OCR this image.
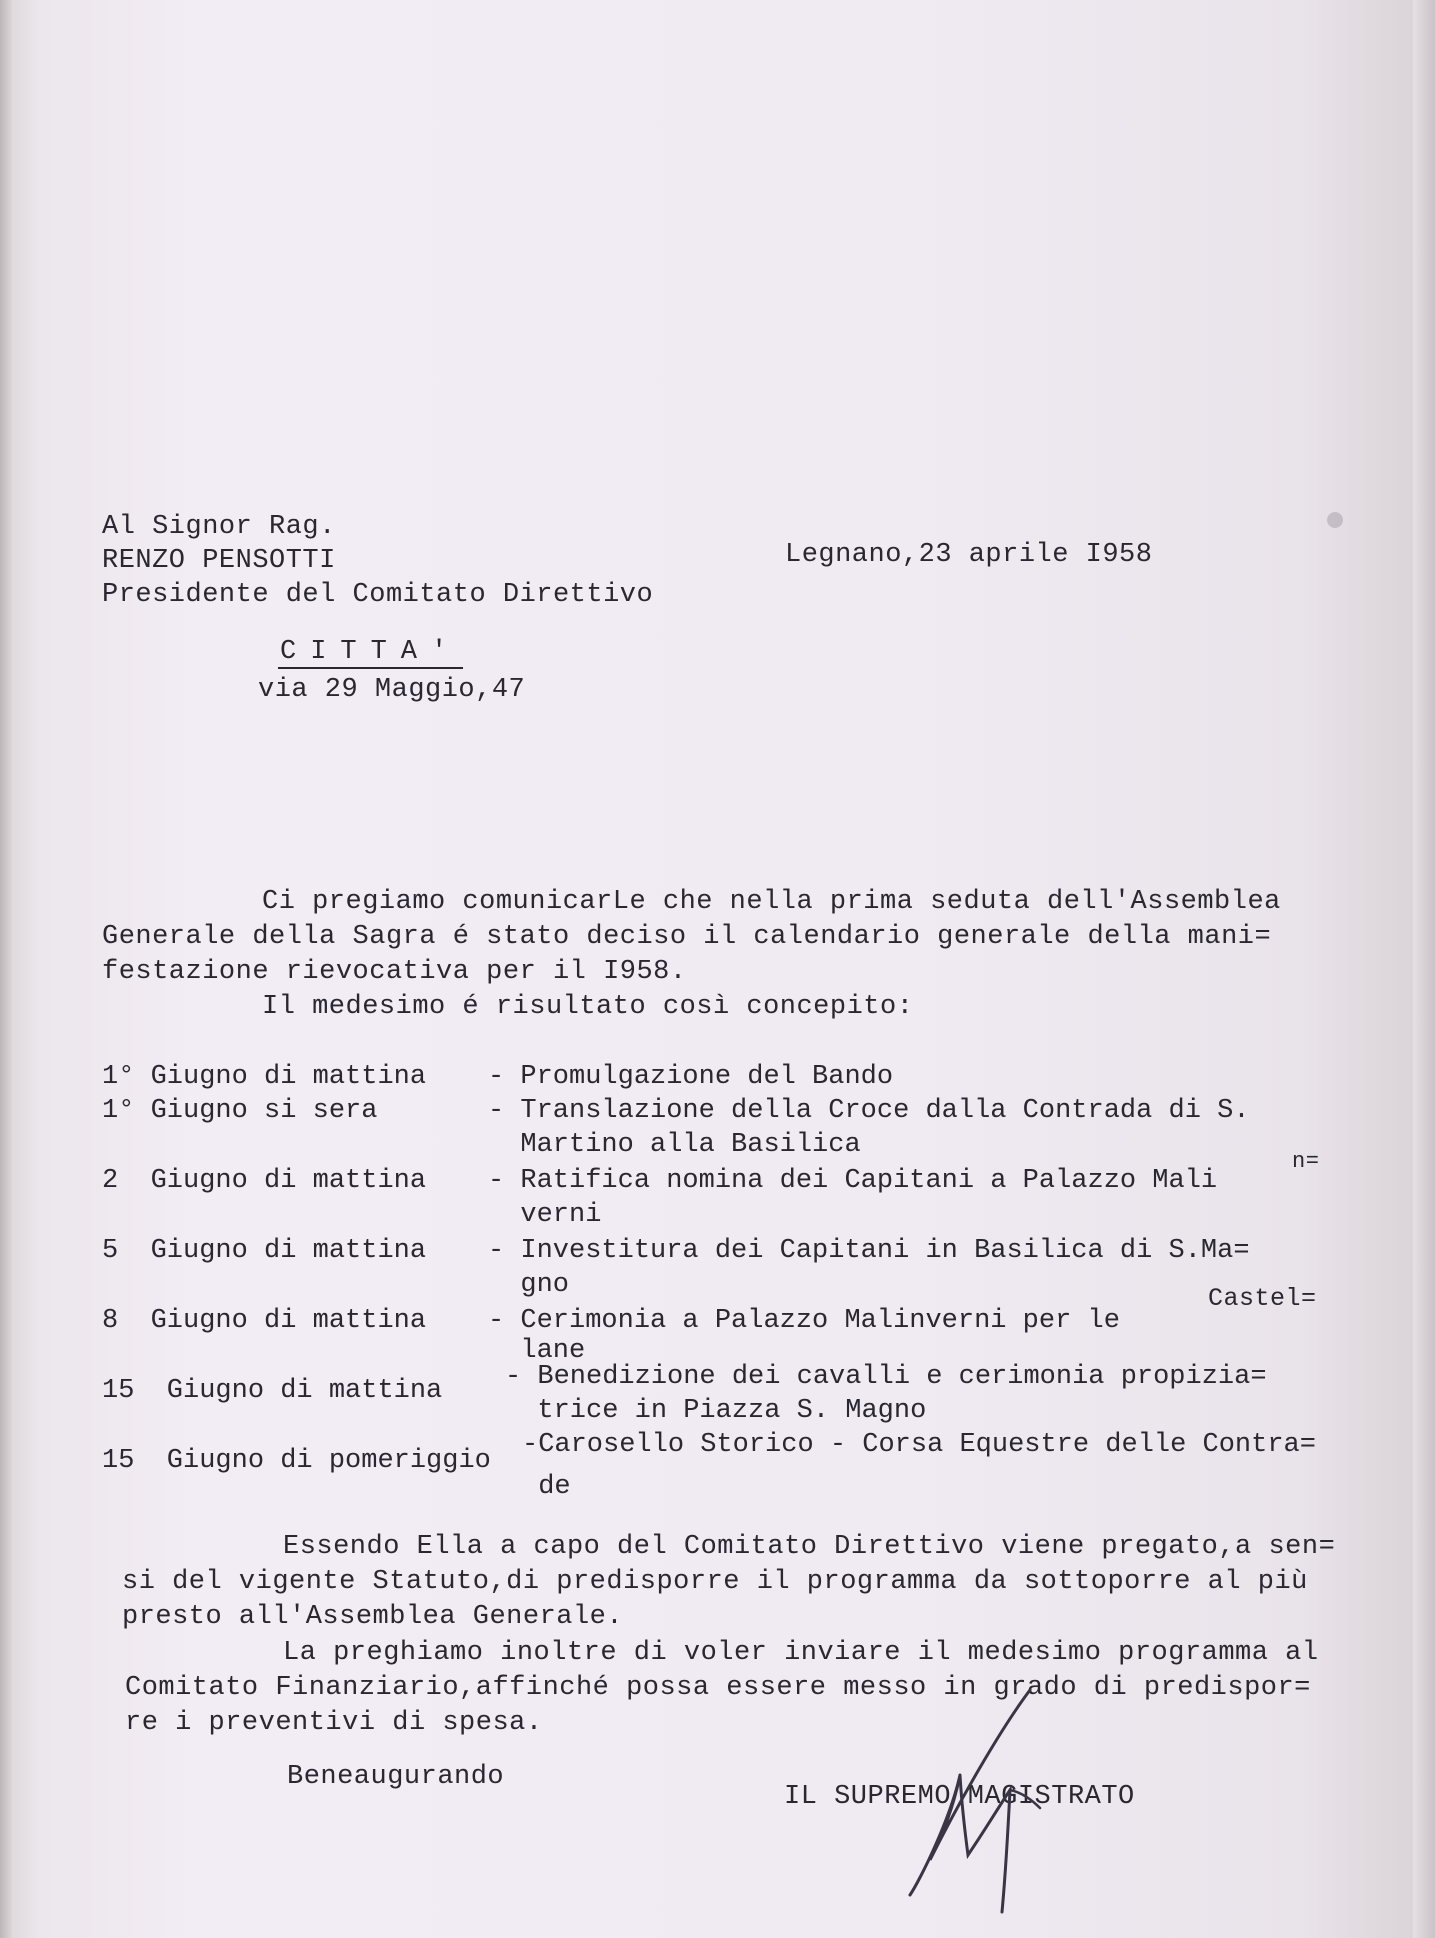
Al Signor Rag.
RENZO PENSOTTI
Presidente del Comitato Direttivo
CITTA'
via 29 Maggio,47
Legnano,23 aprile I958
Ci pregiamo comunicarLe che nella prima seduta dell'Assemblea
Generale della Sagra é stato deciso il calendario generale della mani=
festazione rievocativa per il I958.
Il medesimo é risultato così concepito:
1° Giugno di mattina - Promulgazione del Bando
1° Giugno si sera	- Translazione della Croce dalla Contrada di S.
Martino alla Basilica
2  Giugno di mattina - Ratifica nomina dei Capitani a Palazzo Mali
verni
n=
5  Giugno di mattina - Investitura dei Capitani in Basilica di S.Ma=
gno
8  Giugno di mattina - Cerimonia a Palazzo Malinverni per le
lane
Castel=
15  Giugno di mattina - Benedizione dei cavalli e cerimonia propizia=
trice in Piazza S. Magno
15  Giugno di pomeriggio
-Carosello Storico - Corsa Equestre delle Contra=
de
Essendo Ella a capo del Comitato Direttivo viene pregato,a sen=
si del vigente Statuto,di predisporre il programma da sottoporre al più
presto all'Assemblea Generale.
La preghiamo inoltre di voler inviare il medesimo programma al
Comitato Finanziario,affinché possa essere messo in grado di predispor=
re i preventivi di spesa.
Beneaugurando
IL SUPREMO MAGISTRATO
